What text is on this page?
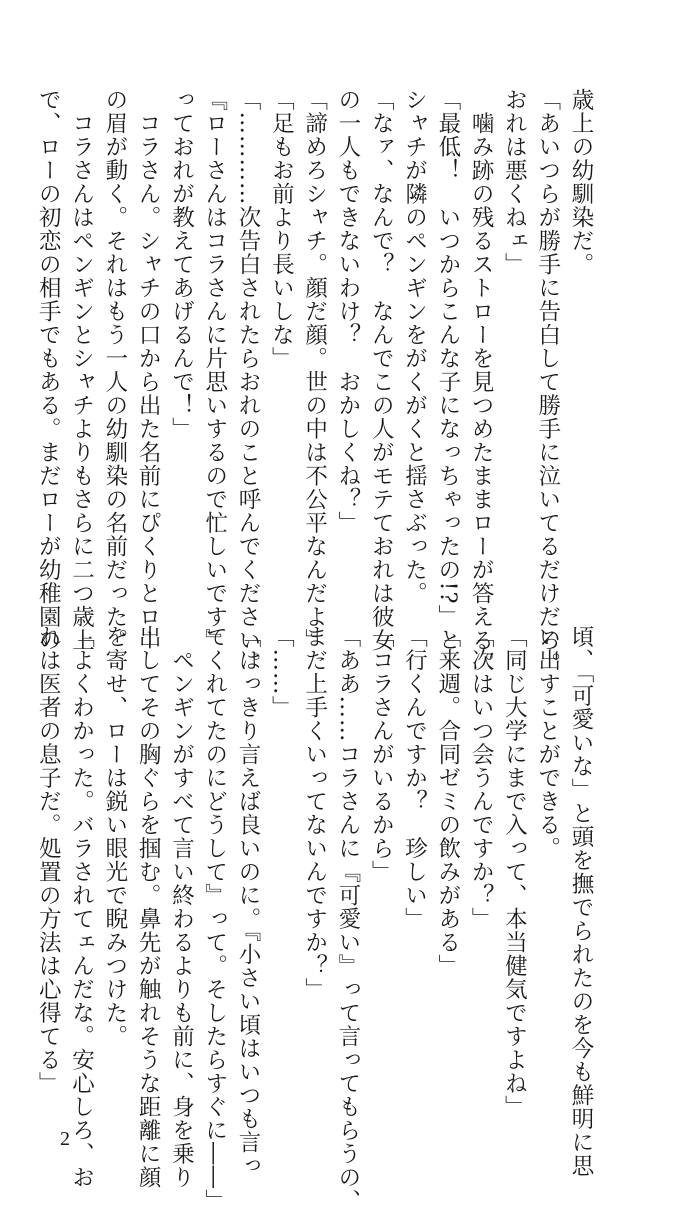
歳上の幼馴染だ。
「あいつらが勝手に告白して勝手に泣いてるだけだろ。
おれは悪くねェ」
　噛み跡の残るストローを見つめたままローが答える。
「最低！　いつからこんな子になっちゃったの!?」と
シャチが隣のペンギンをがくがくと揺さぶった。
「なァ、なんで？　なんでこの人がモテておれは彼女
の一人もできないわけ？　おかしくね？」
「諦めろシャチ。顔だ顔。世の中は不公平なんだよ」
「足もお前より長いしな」
「…………次告白されたらおれのこと呼んでください。
『ローさんはコラさんに片思いするので忙しいです』
っておれが教えてあげるんで！」
　コラさん。シャチの口から出た名前にぴくりとロー
の眉が動く。それはもう一人の幼馴染の名前だった。
　コラさんはペンギンとシャチよりもさらに二つ歳上
で、ローの初恋の相手でもある。まだローが幼稚園の
頃、「可愛いな」と頭を撫でられたのを今も鮮明に思
い出すことができる。
「同じ大学にまで入って、本当健気ですよね」
「次はいつ会うんですか？」
「来週。合同ゼミの飲みがある」
「行くんですか？　珍しい」
「コラさんがいるから」
「ああ……コラさんに『可愛い』って言ってもらうの、
まだ上手くいってないんですか？」
「……」
「はっきり言えば良いのに。『小さい頃はいつも言っ
てくれてたのにどうして』って。そしたらすぐに――」
　ペンギンがすべて言い終わるよりも前に、身を乗り
出してその胸ぐらを掴む。鼻先が触れそうな距離に顔
を寄せ、ローは鋭い眼光で睨みつけた。
「よくわかった。バラされてェんだな。安心しろ、お
れは医者の息子だ。処置の方法は心得てる」
2
